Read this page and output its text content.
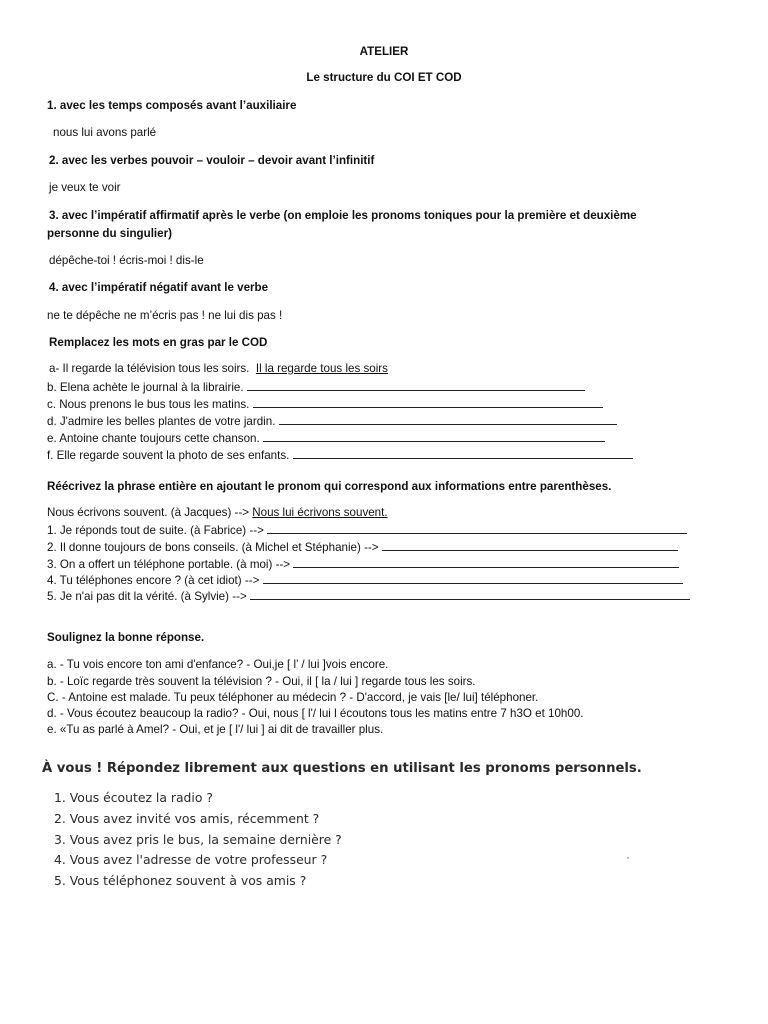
ATELIER
Le structure du COI ET COD
1. avec les temps composés avant l’auxiliaire
nous lui avons parlé
2. avec les verbes pouvoir – vouloir – devoir avant l’infinitif
je veux te voir
3. avec l’impératif affirmatif après le verbe (on emploie les pronoms toniques pour la première et deuxième
personne du singulier)
dépêche-toi ! écris-moi ! dis-le
4. avec l’impératif négatif avant le verbe
ne te dépêche ne m’écris pas ! ne lui dis pas !
Remplacez les mots en gras par le COD
a- Il regarde la télévision tous les soirs. Il la regarde tous les soirs
b. Elena achète le journal à la librairie.
c. Nous prenons le bus tous les matins.
d. J'admire les belles plantes de votre jardin.
e. Antoine chante toujours cette chanson.
f. Elle regarde souvent la photo de ses enfants.
Réécrivez la phrase entière en ajoutant le pronom qui correspond aux informations entre parenthèses.
Nous écrivons souvent. (à Jacques) --> Nous lui écrivons souvent.
1. Je réponds tout de suite. (à Fabrice) -->
2. Il donne toujours de bons conseils. (à Michel et Stéphanie) -->
3. On a offert un téléphone portable. (à moi) -->
4. Tu téléphones encore ? (à cet idiot) -->
5. Je n'ai pas dit la vérité. (à Sylvie) -->
Soulignez la bonne réponse.
a. - Tu vois encore ton ami d'enfance? - Oui,je [ l’ / lui ]vois encore.
b. - Loïc regarde très souvent la télévision ? - Oui, il [ la / lui ] regarde tous les soirs.
C. - Antoine est malade. Tu peux téléphoner au médecin ? - D'accord, je vais [le/ lui] téléphoner.
d. - Vous écoutez beaucoup la radio? - Oui, nous [ l'/ lui l écoutons tous les matins entre 7 h3O et 10h00.
e. «Tu as parlé à Amel? - Oui, et je [ l'/ lui ] ai dit de travailler plus.
À vous ! Répondez librement aux questions en utilisant les pronoms personnels.
1. Vous écoutez la radio ?
2. Vous avez invité vos amis, récemment ?
3. Vous avez pris le bus, la semaine dernière ?
4. Vous avez l'adresse de votre professeur ?
5. Vous téléphonez souvent à vos amis ?
